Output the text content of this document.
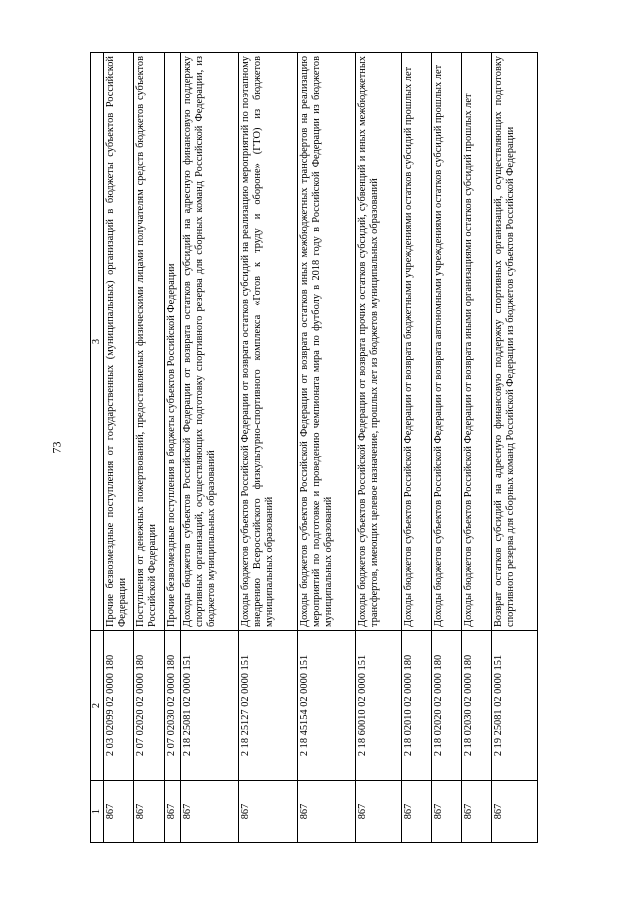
73
1	2	3
867	2 03 02099 02 0000 180	Прочие безвозмездные поступления от государственных (муниципальных) организаций в бюджеты субъектов Российской Федерации
867	2 07 02020 02 0000 180	Поступления от денежных пожертвований, предоставляемых физическими лицами получателям средств бюджетов субъектов Российской Федерации
867	2 07 02030 02 0000 180	Прочие безвозмездные поступления в бюджеты субъектов Российской Федерации
867	2 18 25081 02 0000 151	Доходы бюджетов субъектов Российской Федерации от возврата остатков субсидий на адресную финансовую поддержку спортивных организаций, осуществляющих подготовку спортивного резерва для сборных команд Российской Федерации, из бюджетов муниципальных образований
867	2 18 25127 02 0000 151	Доходы бюджетов субъектов Российской Федерации от возврата остатков субсидий на реализацию мероприятий по поэтапному внедрению Всероссийского физкультурно-спортивного комплекса «Готов к труду и обороне» (ГТО) из бюджетов муниципальных образований
867	2 18 45154 02 0000 151	Доходы бюджетов субъектов Российской Федерации от возврата остатков иных межбюджетных трансфертов на реализацию мероприятий по подготовке и проведению чемпионата мира по футболу в 2018 году в Российской Федерации из бюджетов муниципальных образований
867	2 18 60010 02 0000 151	Доходы бюджетов субъектов Российской Федерации от возврата прочих остатков субсидий, субвенций и иных межбюджетных трансфертов, имеющих целевое назначение, прошлых лет из бюджетов муниципальных образований
867	2 18 02010 02 0000 180	Доходы бюджетов субъектов Российской Федерации от возврата бюджетными учреждениями остатков субсидий прошлых лет
867	2 18 02020 02 0000 180	Доходы бюджетов субъектов Российской Федерации от возврата автономными учреждениями остатков субсидий прошлых лет
867	2 18 02030 02 0000 180	Доходы бюджетов субъектов Российской Федерации от возврата иными организациями остатков субсидий прошлых лет
867	2 19 25081 02 0000 151	Возврат остатков субсидий на адресную финансовую поддержку спортивных организаций, осуществляющих подготовку спортивного резерва для сборных команд Российской Федерации из бюджетов субъектов Российской Федерации
